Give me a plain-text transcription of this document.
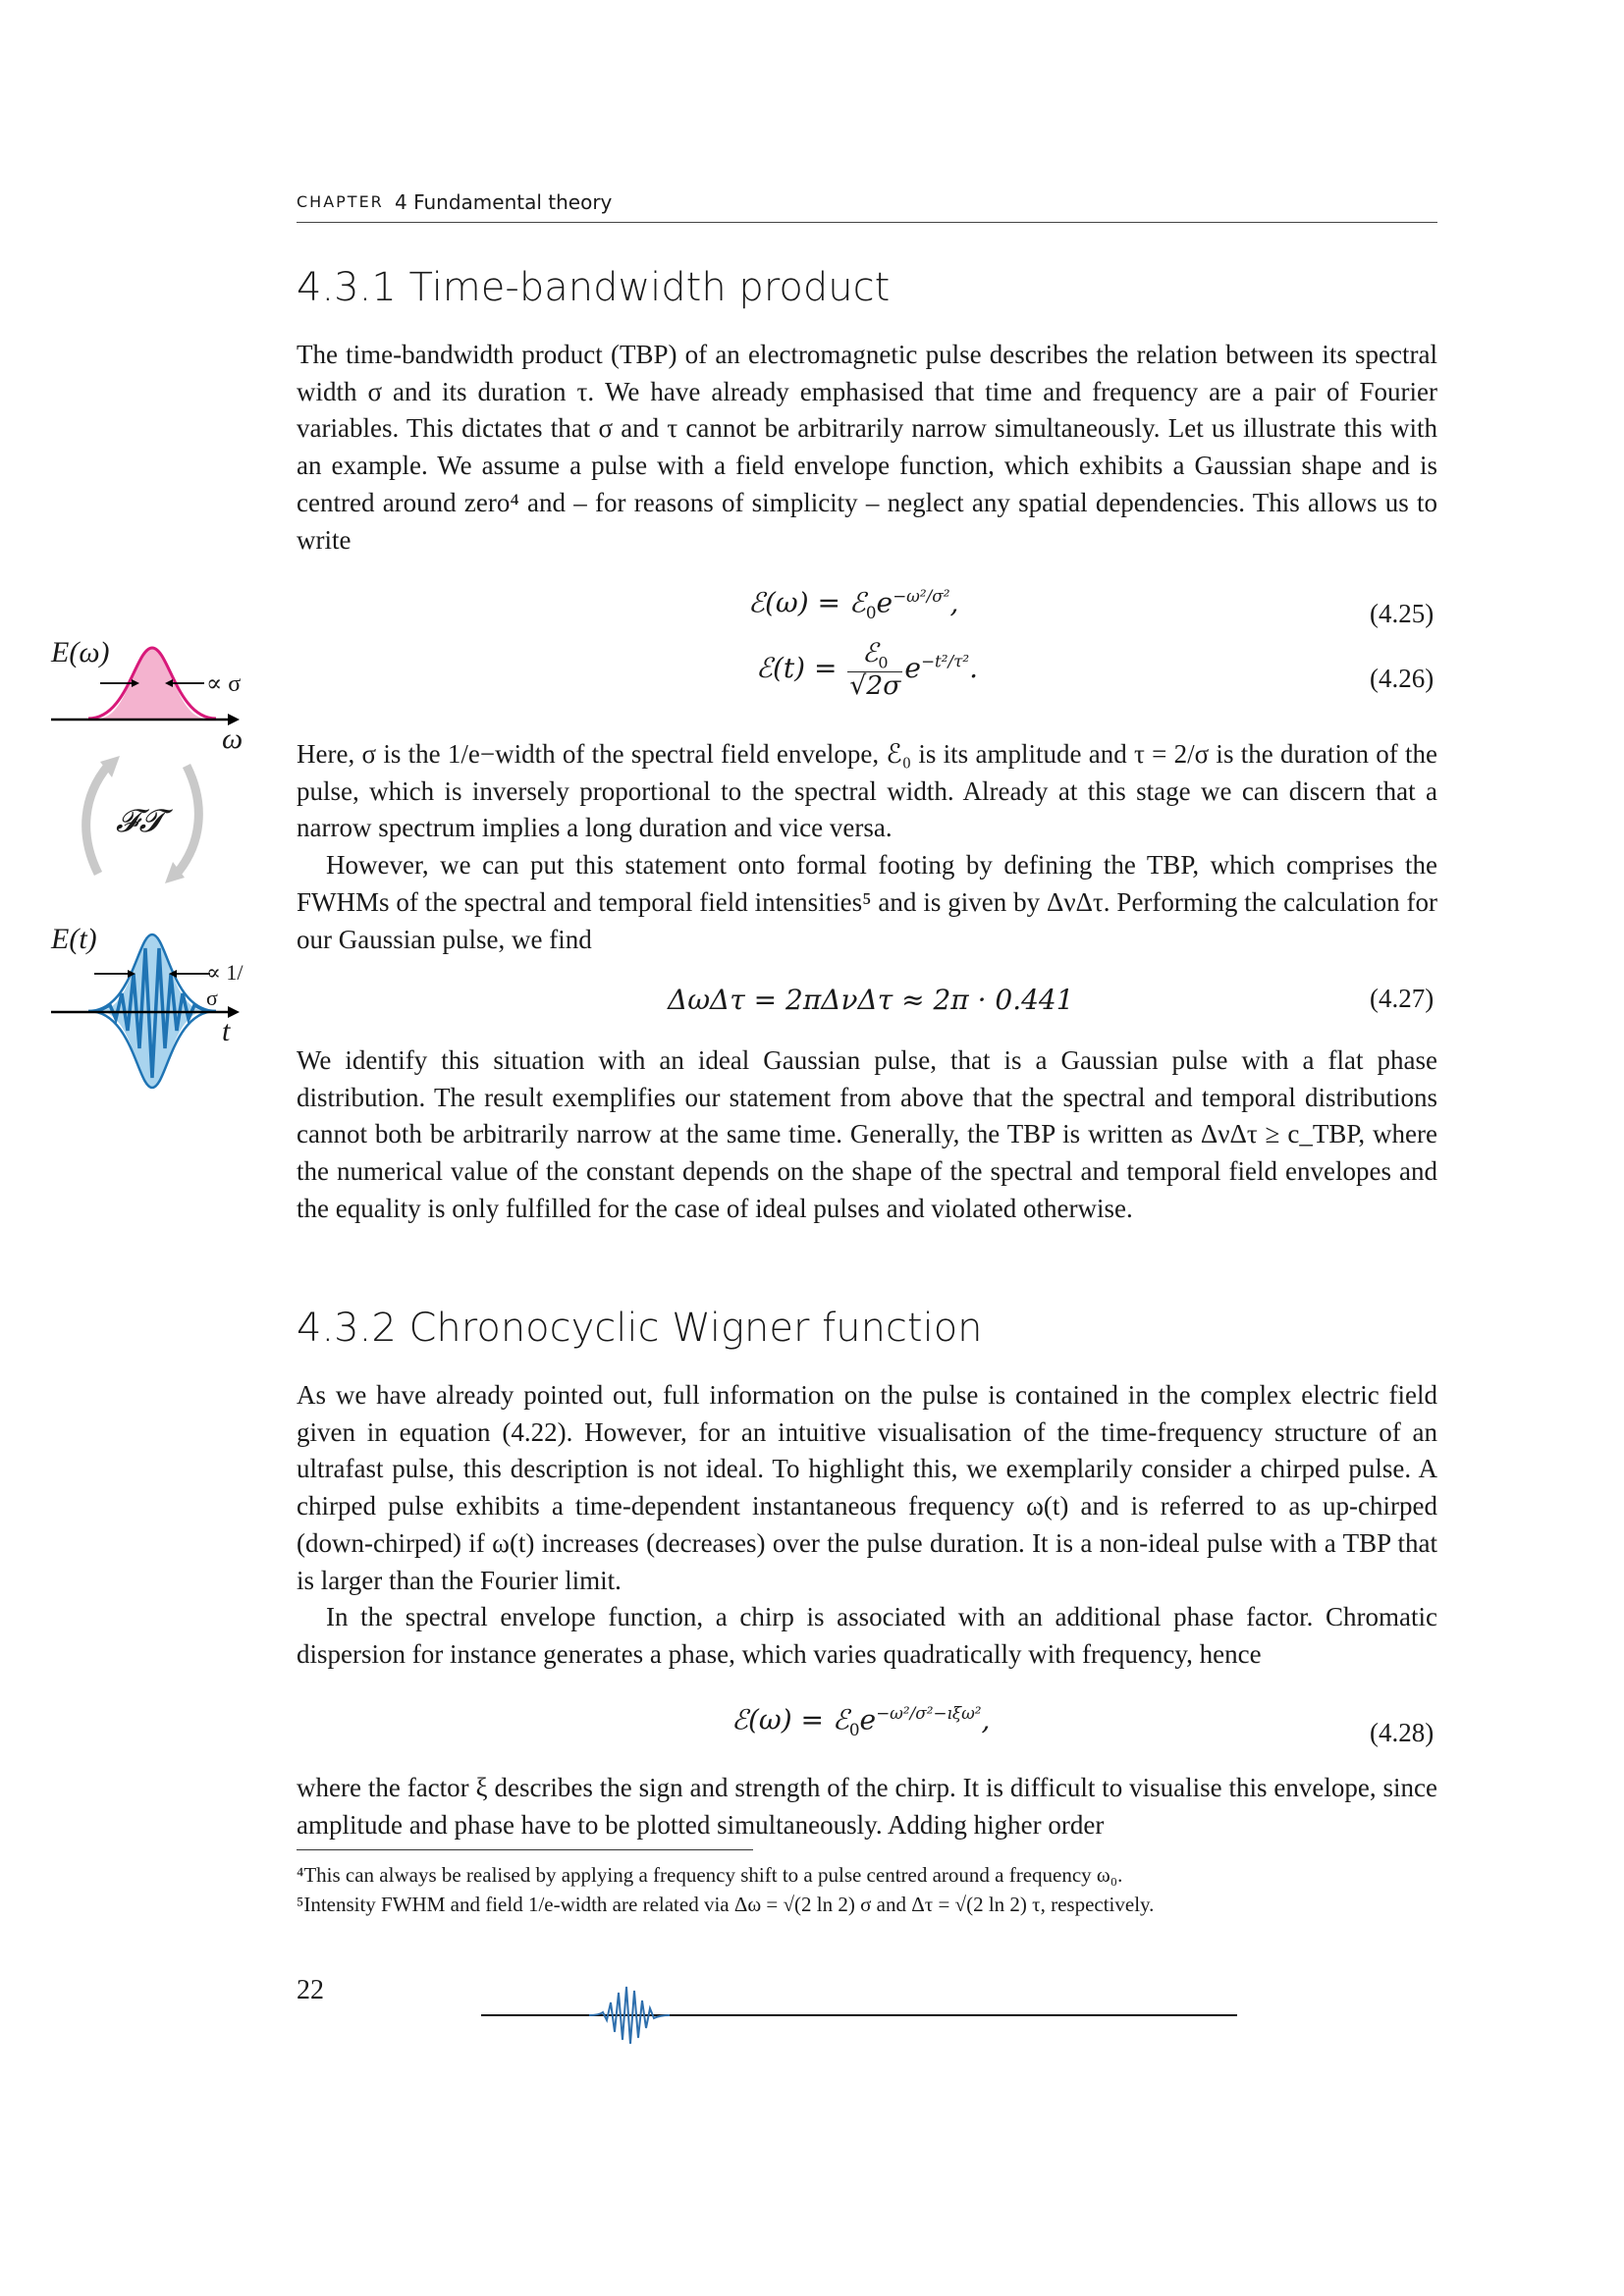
CHAPTER 4 Fundamental theory
4.3.1 Time-bandwidth product

The time-bandwidth product (TBP) of an electromagnetic pulse describes the relation between its spectral width σ and its duration τ. We have already emphasised that time and frequency are a pair of Fourier variables. This dictates that σ and τ cannot be arbitrarily narrow simultaneously. Let us illustrate this with an example. We assume a pulse with a field envelope function, which exhibits a Gaussian shape and is centred around zero⁴ and – for reasons of simplicity – neglect any spatial dependencies. This allows us to write

ℰ(ω) = $ℰ_0e^{-\omega^2/\sigma^2}$,	(4.25)
ℰ(t) = $\frac{ℰ_0}{√2\sigma} e^{-t^2/\tau^2}$.	(4.26)

Here, σ is the 1/e−width of the spectral field envelope, ℰ₀ is its amplitude and τ = 2/σ is the duration of the pulse, which is inversely proportional to the spectral width. Already at this stage we can discern that a narrow spectrum implies a long duration and vice versa.

However, we can put this statement onto formal footing by defining the TBP, which comprises the FWHMs of the spectral and temporal field intensities⁵ and is given by ΔνΔτ. Performing the calculation for our Gaussian pulse, we find

ΔωΔτ = 2πΔνΔτ ≈ 2π · 0.441	(4.27)

We identify this situation with an ideal Gaussian pulse, that is a Gaussian pulse with a flat phase distribution. The result exemplifies our statement from above that the spectral and temporal distributions cannot both be arbitrarily narrow at the same time. Generally, the TBP is written as ΔνΔτ ≥ c_TBP, where the numerical value of the constant depends on the shape of the spectral and temporal field envelopes and the equality is only fulfilled for the case of ideal pulses and violated otherwise.

4.3.2 Chronocyclic Wigner function

As we have already pointed out, full information on the pulse is contained in the complex electric field given in equation (4.22). However, for an intuitive visualisation of the time-frequency structure of an ultrafast pulse, this description is not ideal. To highlight this, we exemplarily consider a chirped pulse. A chirped pulse exhibits a time-dependent instantaneous frequency ω(t) and is referred to as up-chirped (down-chirped) if ω(t) increases (decreases) over the pulse duration. It is a non-ideal pulse with a TBP that is larger than the Fourier limit.

In the spectral envelope function, a chirp is associated with an additional phase factor. Chromatic dispersion for instance generates a phase, which varies quadratically with frequency, hence

ℰ(ω) = $ℰ_0e^{-\omega^2/\sigma^2-ı\xi\omega^2}$,	(4.28)

where the factor ξ describes the sign and strength of the chirp. It is difficult to visualise this envelope, since amplitude and phase have to be plotted simultaneously. Adding higher order

⁴This can always be realised by applying a frequency shift to a pulse centred around a frequency ω₀.
⁵Intensity FWHM and field 1/e-width are related via Δω = √(2 ln 2) σ and Δτ = √(2 ln 2) τ, respectively.
22
E(ω)
∝ σ
ω
𝓕𝓣
E(t)
∝ 1/σ
t
